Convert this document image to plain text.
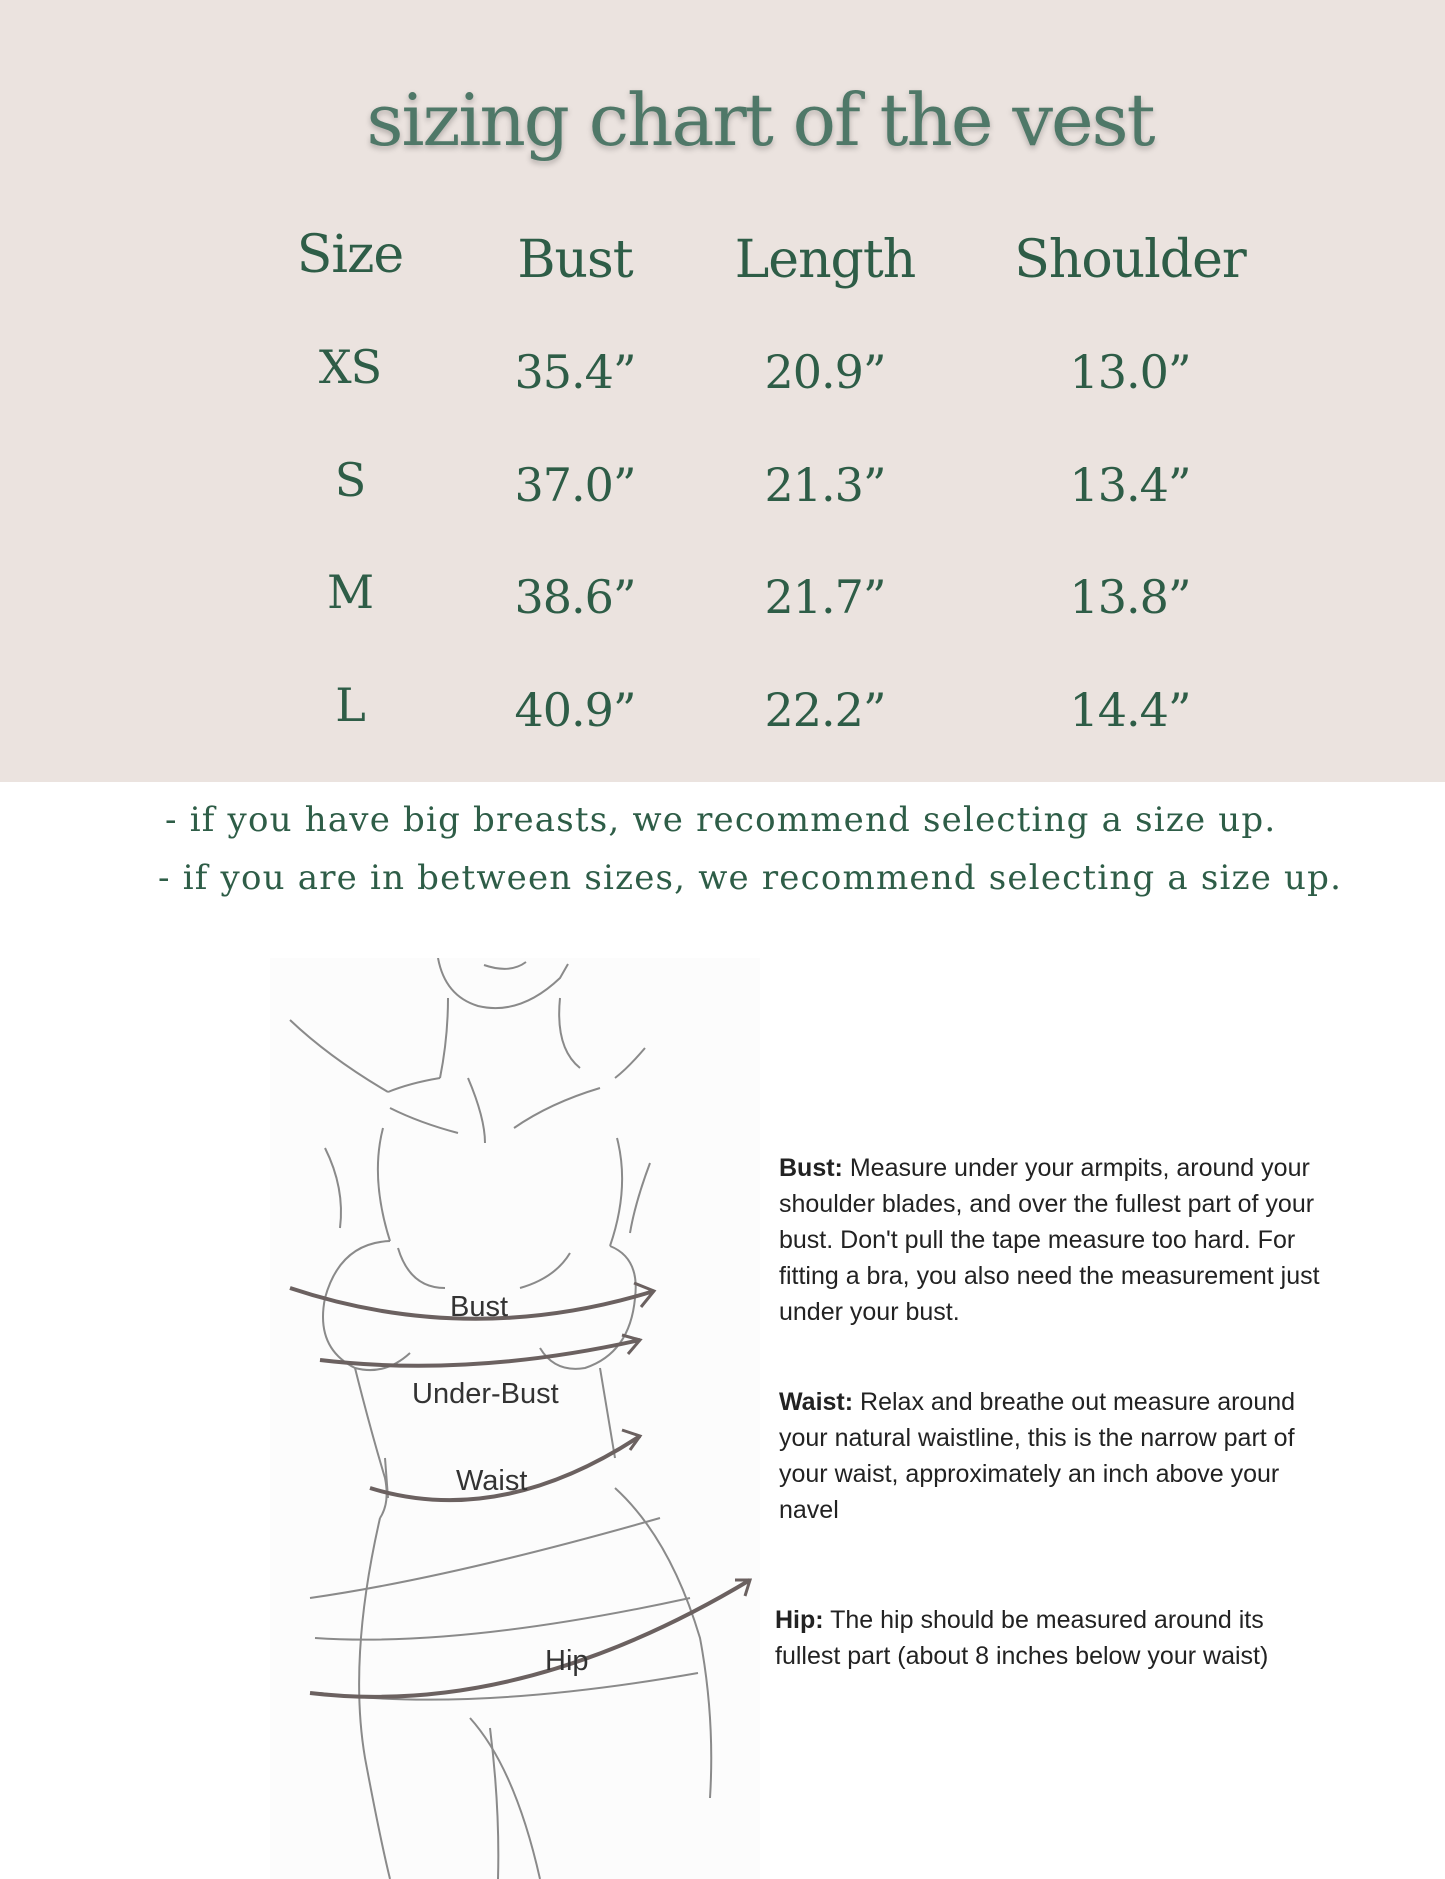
sizing chart of the vest
Size	Bust	Length	Shoulder
XS	35.4”	20.9”	13.0”
S	37.0”	21.3”	13.4”
M	38.6”	21.7”	13.8”
L	40.9”	22.2”	14.4”
- if you have big breasts, we recommend selecting a size up.
- if you are in between sizes, we recommend selecting a size up.
Bust
Under-Bust
Waist
Hip
Bust: Measure under your armpits, around your shoulder blades, and over the fullest part of your bust. Don't pull the tape measure too hard. For fitting a bra, you also need the measurement just under your bust.
Waist: Relax and breathe out measure around your natural waistline, this is the narrow part of your waist, approximately an inch above your navel
Hip: The hip should be measured around its fullest part (about 8 inches below your waist)
